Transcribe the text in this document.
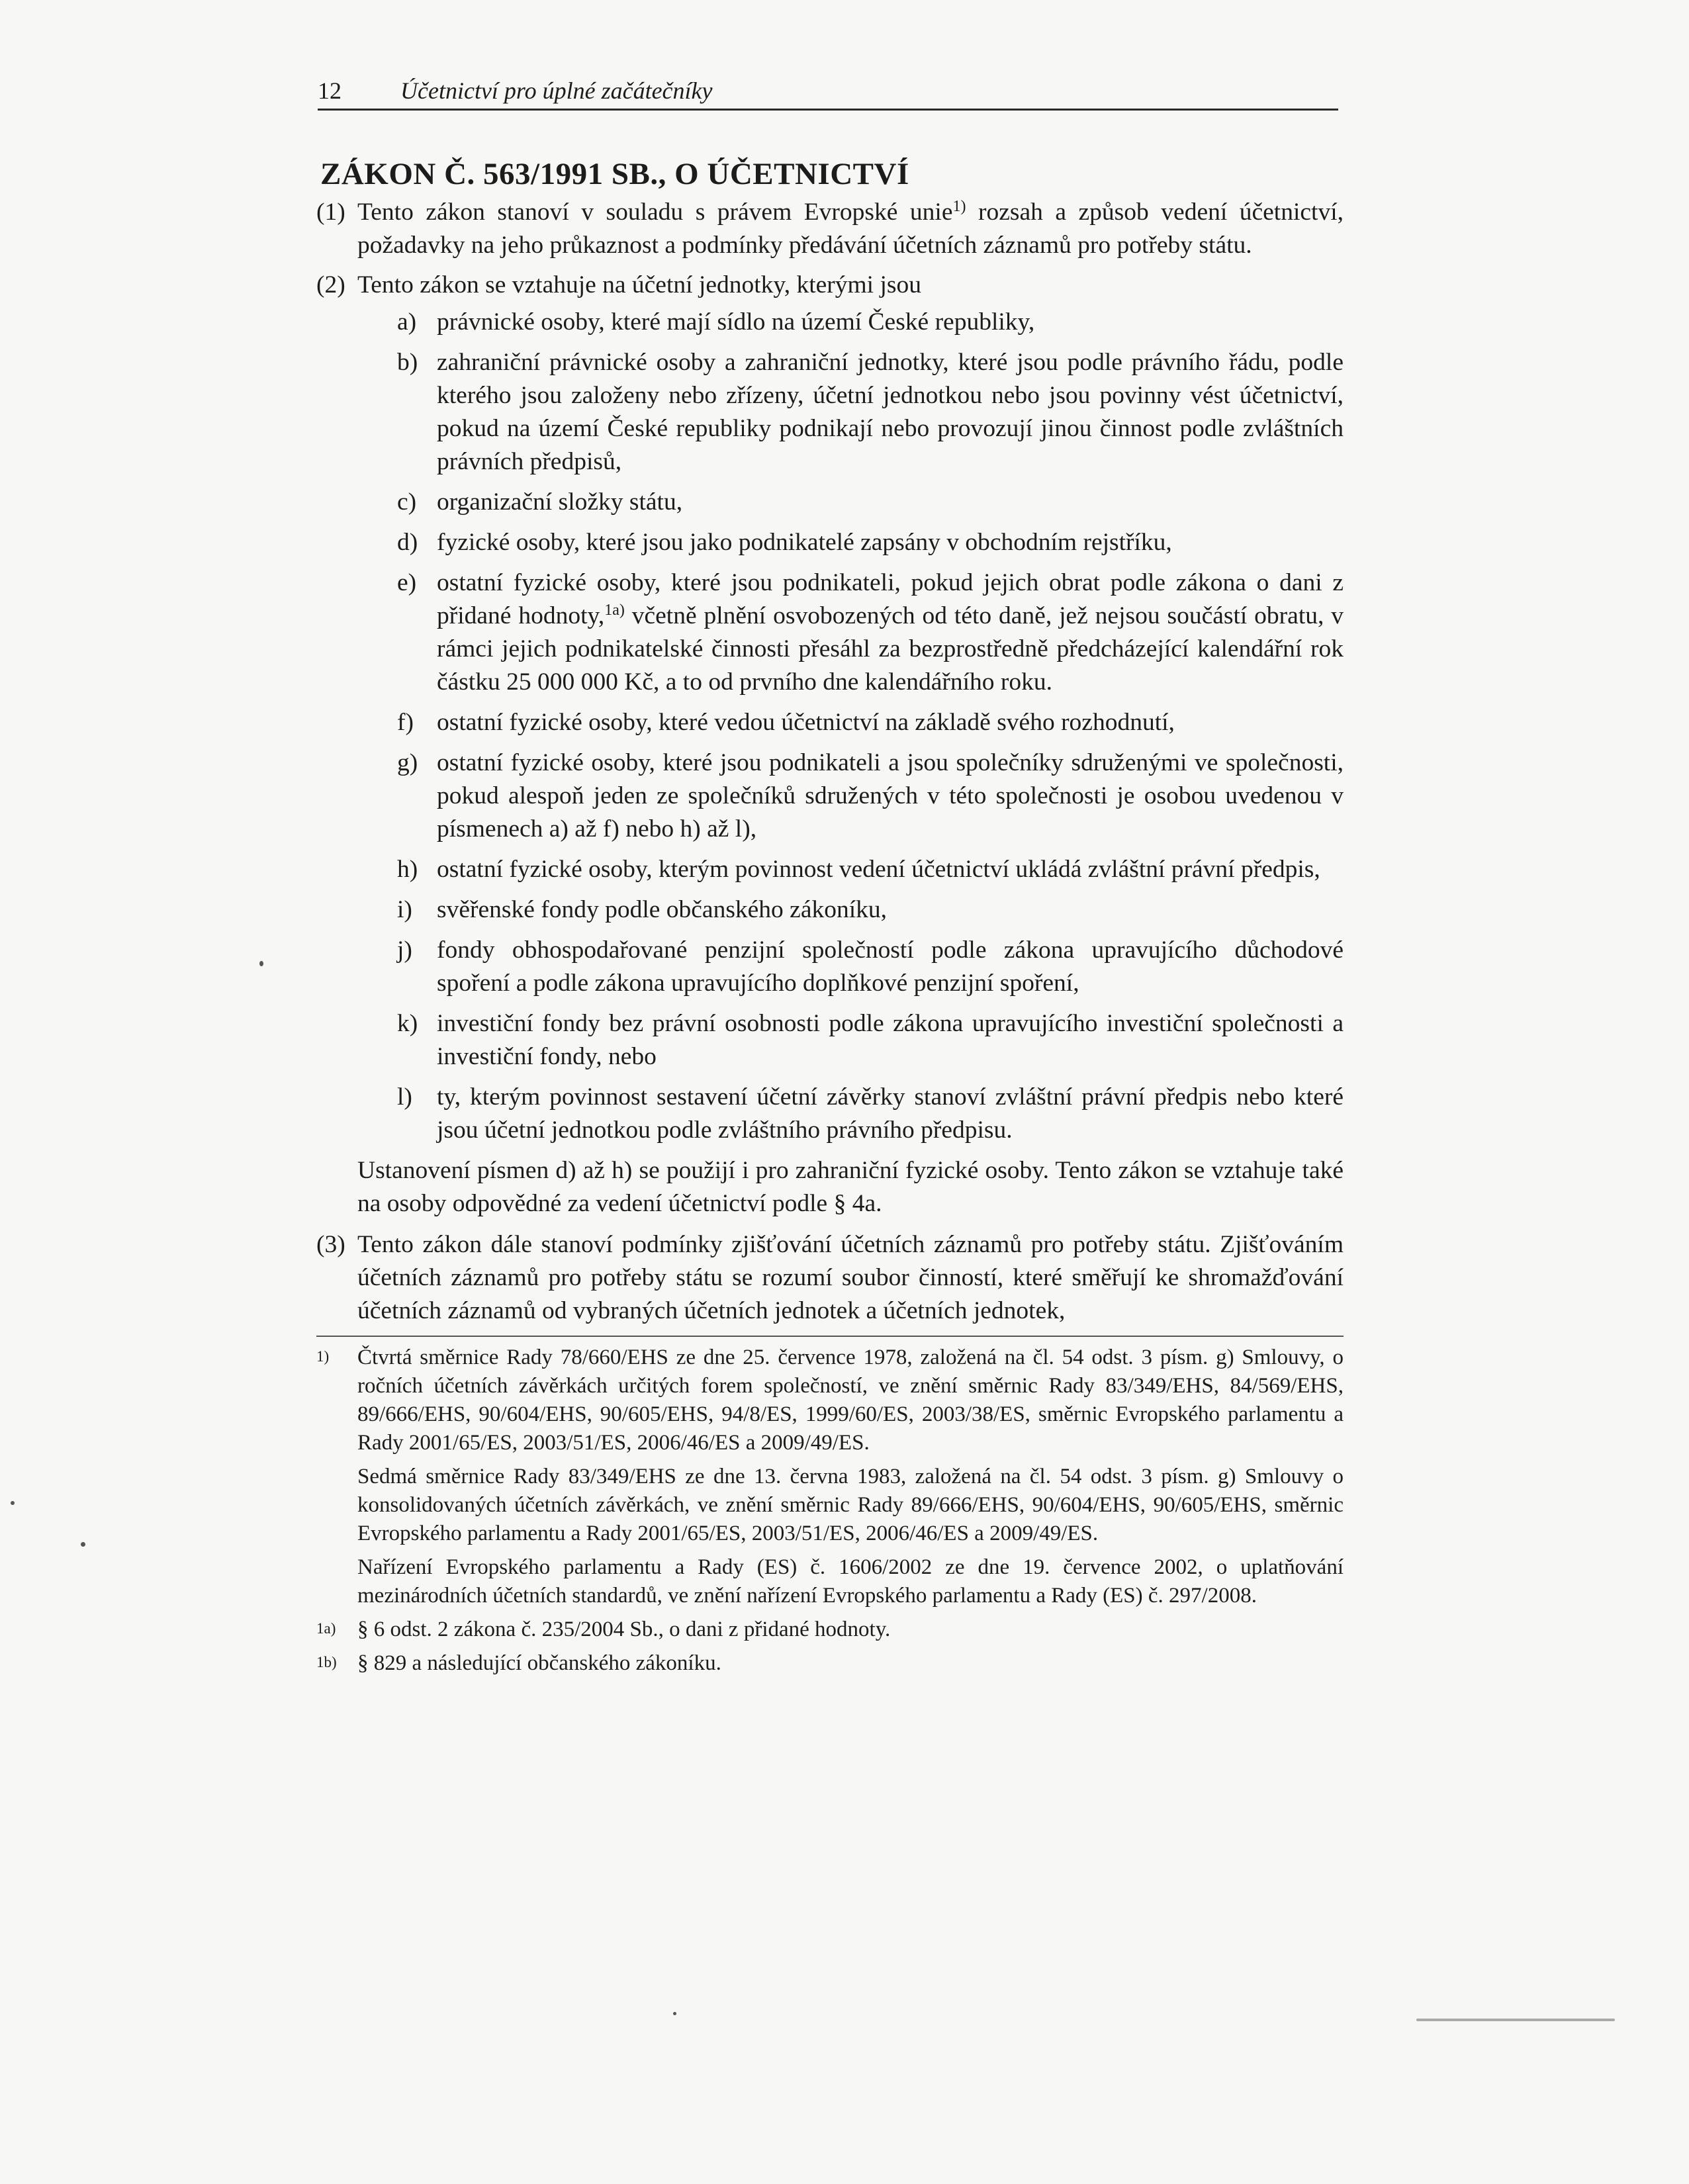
12 Účetnictví pro úplné začátečníky
ZÁKON Č. 563/1991 SB., O ÚČETNICTVÍ

(1) Tento zákon stanoví v souladu s právem Evropské unie$^{1)}$ rozsah a způsob vedení účetnictví, požadavky na jeho průkaznost a podmínky předávání účetních záznamů pro potřeby státu.

(2) Tento zákon se vztahuje na účetní jednotky, kterými jsou
a) právnické osoby, které mají sídlo na území České republiky,
b) zahraniční právnické osoby a zahraniční jednotky, které jsou podle právního řádu, podle kterého jsou založeny nebo zřízeny, účetní jednotkou nebo jsou povinny vést účetnictví, pokud na území České republiky podnikají nebo provozují jinou činnost podle zvláštních právních předpisů,
c) organizační složky státu,
d) fyzické osoby, které jsou jako podnikatelé zapsány v obchodním rejstříku,
e) ostatní fyzické osoby, které jsou podnikateli, pokud jejich obrat podle zákona o dani z přidané hodnoty,$^{1a)}$ včetně plnění osvobozených od této daně, jež nejsou součástí obratu, v rámci jejich podnikatelské činnosti přesáhl za bezprostředně předcházející kalendářní rok částku 25 000 000 Kč, a to od prvního dne kalendářního roku.
f) ostatní fyzické osoby, které vedou účetnictví na základě svého rozhodnutí,
g) ostatní fyzické osoby, které jsou podnikateli a jsou společníky sdruženými ve společnosti, pokud alespoň jeden ze společníků sdružených v této společnosti je osobou uvedenou v písmenech a) až f) nebo h) až l),
h) ostatní fyzické osoby, kterým povinnost vedení účetnictví ukládá zvláštní právní předpis,
i) svěřenské fondy podle občanského zákoníku,
j) fondy obhospodařované penzijní společností podle zákona upravujícího důchodové spoření a podle zákona upravujícího doplňkové penzijní spoření,
k) investiční fondy bez právní osobnosti podle zákona upravujícího investiční společnosti a investiční fondy, nebo
l) ty, kterým povinnost sestavení účetní závěrky stanoví zvláštní právní předpis nebo které jsou účetní jednotkou podle zvláštního právního předpisu.

Ustanovení písmen d) až h) se použijí i pro zahraniční fyzické osoby. Tento zákon se vztahuje také na osoby odpovědné za vedení účetnictví podle § 4a.

(3) Tento zákon dále stanoví podmínky zjišťování účetních záznamů pro potřeby státu. Zjišťováním účetních záznamů pro potřeby státu se rozumí soubor činností, které směřují ke shromažďování účetních záznamů od vybraných účetních jednotek a účetních jednotek,

1) Čtvrtá směrnice Rady 78/660/EHS ze dne 25. července 1978, založená na čl. 54 odst. 3 písm. g) Smlouvy, o ročních účetních závěrkách určitých forem společností, ve znění směrnic Rady 83/349/EHS, 84/569/EHS, 89/666/EHS, 90/604/EHS, 90/605/EHS, 94/8/ES, 1999/60/ES, 2003/38/ES, směrnic Evropského parlamentu a Rady 2001/65/ES, 2003/51/ES, 2006/46/ES a 2009/49/ES.

Sedmá směrnice Rady 83/349/EHS ze dne 13. června 1983, založená na čl. 54 odst. 3 písm. g) Smlouvy o konsolidovaných účetních závěrkách, ve znění směrnic Rady 89/666/EHS, 90/604/EHS, 90/605/EHS, směrnic Evropského parlamentu a Rady 2001/65/ES, 2003/51/ES, 2006/46/ES a 2009/49/ES.

Nařízení Evropského parlamentu a Rady (ES) č. 1606/2002 ze dne 19. července 2002, o uplatňování mezinárodních účetních standardů, ve znění nařízení Evropského parlamentu a Rady (ES) č. 297/2008.

1a) § 6 odst. 2 zákona č. 235/2004 Sb., o dani z přidané hodnoty.

1b) § 829 a následující občanského zákoníku.
